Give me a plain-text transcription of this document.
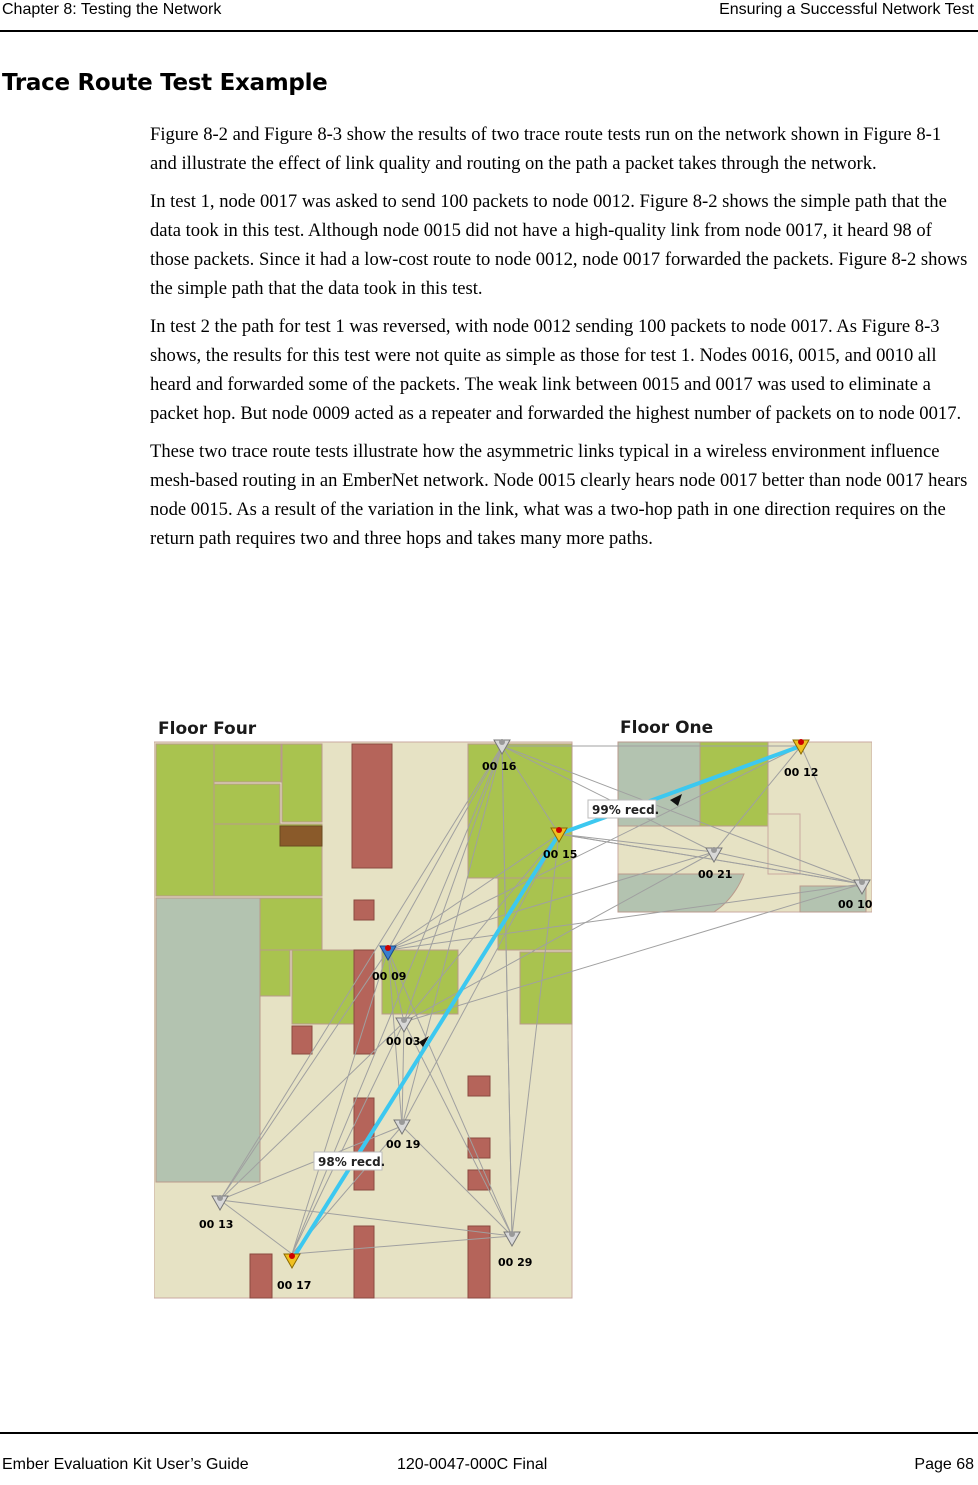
Chapter 8: Testing the Network	Ensuring a Successful Network Test
Trace Route Test Example

Figure 8-2 and Figure 8-3 show the results of two trace route tests run on the network shown in Figure 8-1 and illustrate the effect of link quality and routing on the path a packet takes through the network.

In test 1, node 0017 was asked to send 100 packets to node 0012. Figure 8-2 shows the simple path that the data took in this test. Although node 0015 did not have a high-quality link from node 0017, it heard 98 of those packets. Since it had a low-cost route to node 0012, node 0017 forwarded the packets. Figure 8-2 shows the simple path that the data took in this test.

In test 2 the path for test 1 was reversed, with node 0012 sending 100 packets to node 0017. As Figure 8-3 shows, the results for this test were not quite as simple as those for test 1. Nodes 0016, 0015, and 0010 all heard and forwarded some of the packets. The weak link between 0015 and 0017 was used to eliminate a packet hop. But node 0009 acted as a repeater and forwarded the highest number of packets on to node 0017.

These two trace route tests illustrate how the asymmetric links typical in a wireless environment influence mesh-based routing in an EmberNet network. Node 0015 clearly hears node 0017 better than node 0017 hears node 0015. As a result of the variation in the link, what was a two-hop path in one direction requires on the return path requires two and three hops and takes many more paths.

99% recd.
98% recd.
Floor Four	Floor One
00 16
00 15
00 12
00 21
00 10
00 09
00 03
00 19
00 13
00 17
00 29
Ember Evaluation Kit User’s Guide	120-0047-000C Final	Page 68
